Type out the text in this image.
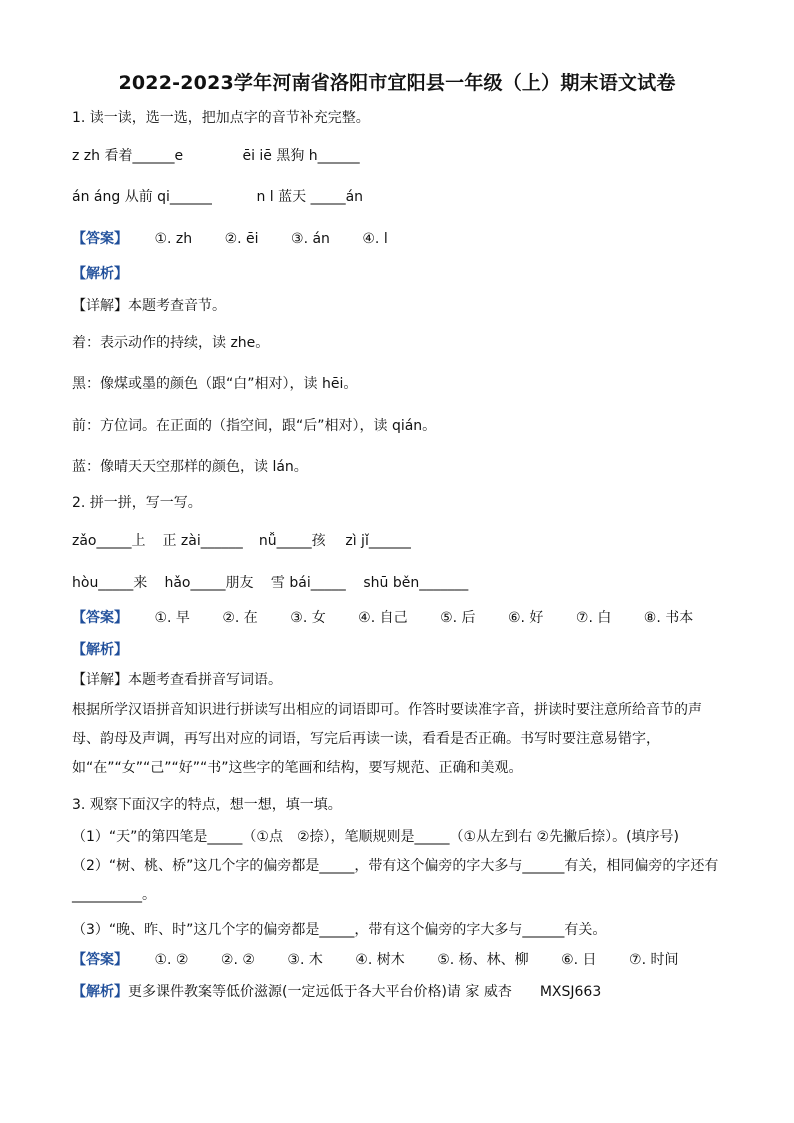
2022-2023学年河南省洛阳市宜阳县一年级（上）期末语文试卷
1. 读一读，选一选，把加点字的音节补充完整。
z zh 看着______e	ēi iē 黑狗 h______
án áng 从前 qi______	n l 蓝天 _____án
【答案】 ①. zh ②. ēi ③. án ④. l
【解析】
【详解】本题考查音节。
着：表示动作的持续，读 zhe。
黑：像煤或墨的颜色（跟“白”相对），读 hēi。
前：方位词。在正面的（指空间，跟“后”相对），读 qián。
蓝：像晴天天空那样的颜色，读 lán。
2. 拼一拼，写一写。
zǎo_____上 正 zài______ nǚ_____孩 zì jǐ______
hòu_____来 hǎo_____朋友 雪 bái_____ shū běn_______
【答案】 ①. 早 ②. 在 ③. 女 ④. 自己 ⑤. 后 ⑥. 好 ⑦. 白 ⑧. 书本
【解析】
【详解】本题考查看拼音写词语。
根据所学汉语拼音知识进行拼读写出相应的词语即可。作答时要读准字音，拼读时要注意所给音节的声母、韵母及声调，再写出对应的词语，写完后再读一读，看看是否正确。书写时要注意易错字，如“在”“女”“己”“好”“书”这些字的笔画和结构，要写规范、正确和美观。
3. 观察下面汉字的特点，想一想，填一填。
（1）“天”的第四笔是_____（①点　②捺），笔顺规则是_____（①从左到右 ②先撇后捺）。(填序号)
（2）“树、桃、桥”这几个字的偏旁都是_____，带有这个偏旁的字大多与______有关，相同偏旁的字还有__________。
（3）“晚、昨、时”这几个字的偏旁都是_____，带有这个偏旁的字大多与______有关。
【答案】 ①. ② ②. ② ③. 木 ④. 树木 ⑤. 杨、林、柳 ⑥. 日 ⑦. 时间
【解析】更多课件教案等低价滋源(一定远低于各大平台价格)请 家 威杏　　MXSJ663
